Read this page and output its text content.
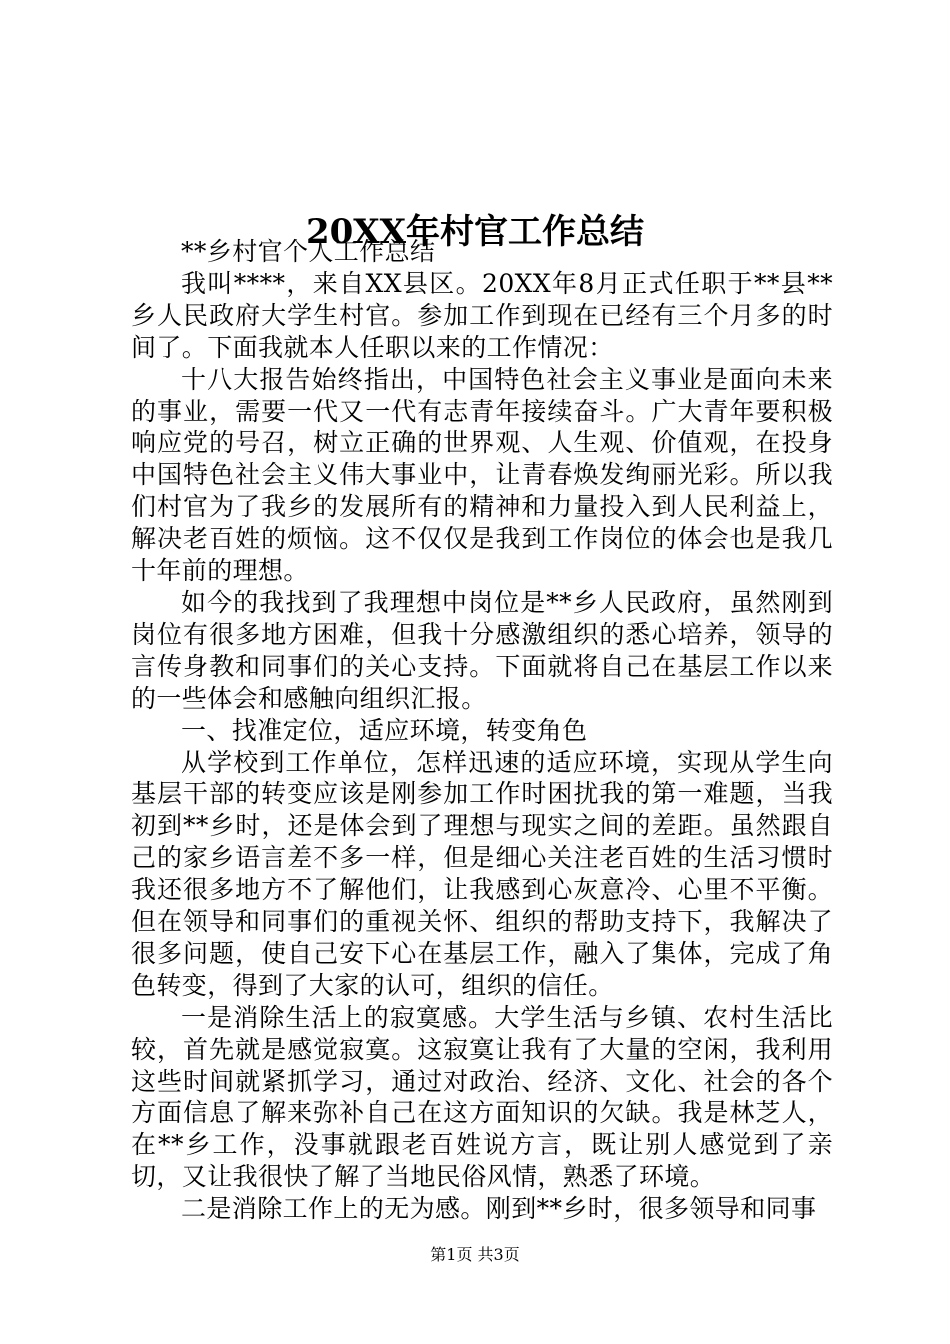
20XX年村官工作总结

**乡村官个人工作总结

我叫****，来自XX县区。20XX年8月正式任职于**县**乡人民政府大学生村官。参加工作到现在已经有三个月多的时间了。下面我就本人任职以来的工作情况：

十八大报告始终指出，中国特色社会主义事业是面向未来的事业，需要一代又一代有志青年接续奋斗。广大青年要积极响应党的号召，树立正确的世界观、人生观、价值观，在投身中国特色社会主义伟大事业中，让青春焕发绚丽光彩。所以我们村官为了我乡的发展所有的精神和力量投入到人民利益上，解决老百姓的烦恼。这不仅仅是我到工作岗位的体会也是我几十年前的理想。

如今的我找到了我理想中岗位是**乡人民政府，虽然刚到岗位有很多地方困难，但我十分感激组织的悉心培养，领导的言传身教和同事们的关心支持。下面就将自己在基层工作以来的一些体会和感触向组织汇报。

一、找准定位，适应环境，转变角色

从学校到工作单位，怎样迅速的适应环境，实现从学生向基层干部的转变应该是刚参加工作时困扰我的第一难题，当我初到**乡时，还是体会到了理想与现实之间的差距。虽然跟自己的家乡语言差不多一样，但是细心关注老百姓的生活习惯时我还很多地方不了解他们，让我感到心灰意冷、心里不平衡。但在领导和同事们的重视关怀、组织的帮助支持下，我解决了很多问题，使自己安下心在基层工作，融入了集体，完成了角色转变，得到了大家的认可，组织的信任。

一是消除生活上的寂寞感。大学生活与乡镇、农村生活比较，首先就是感觉寂寞。这寂寞让我有了大量的空闲，我利用这些时间就紧抓学习，通过对政治、经济、文化、社会的各个方面信息了解来弥补自己在这方面知识的欠缺。我是林芝人，在**乡工作，没事就跟老百姓说方言，既让别人感觉到了亲切，又让我很快了解了当地民俗风情，熟悉了环境。

二是消除工作上的无为感。刚到**乡时，很多领导和同事

第1页 共3页
